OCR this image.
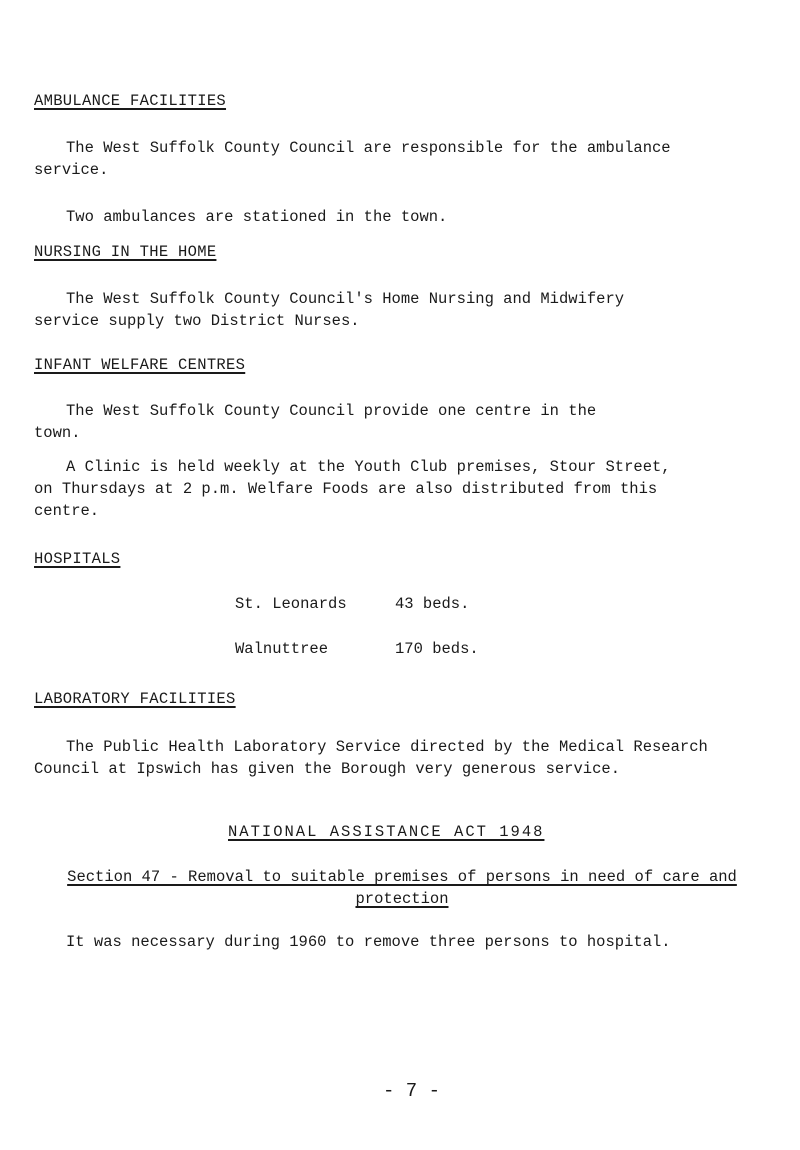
AMBULANCE FACILITIES

The West Suffolk County Council are responsible for the ambulance service.

Two ambulances are stationed in the town.

NURSING IN THE HOME

The West Suffolk County Council's Home Nursing and Midwifery service supply two District Nurses.

INFANT WELFARE CENTRES

The West Suffolk County Council provide one centre in the town.

A Clinic is held weekly at the Youth Club premises, Stour Street, on Thursdays at 2 p.m. Welfare Foods are also distributed from this centre.

HOSPITALS
St. Leonards	43 beds.
Walnuttree	170 beds.
LABORATORY FACILITIES

The Public Health Laboratory Service directed by the Medical Research Council at Ipswich has given the Borough very generous service.

NATIONAL ASSISTANCE ACT 1948
Section 47 - Removal to suitable premises of persons in need of care and protection

It was necessary during 1960 to remove three persons to hospital.

- 7 -
